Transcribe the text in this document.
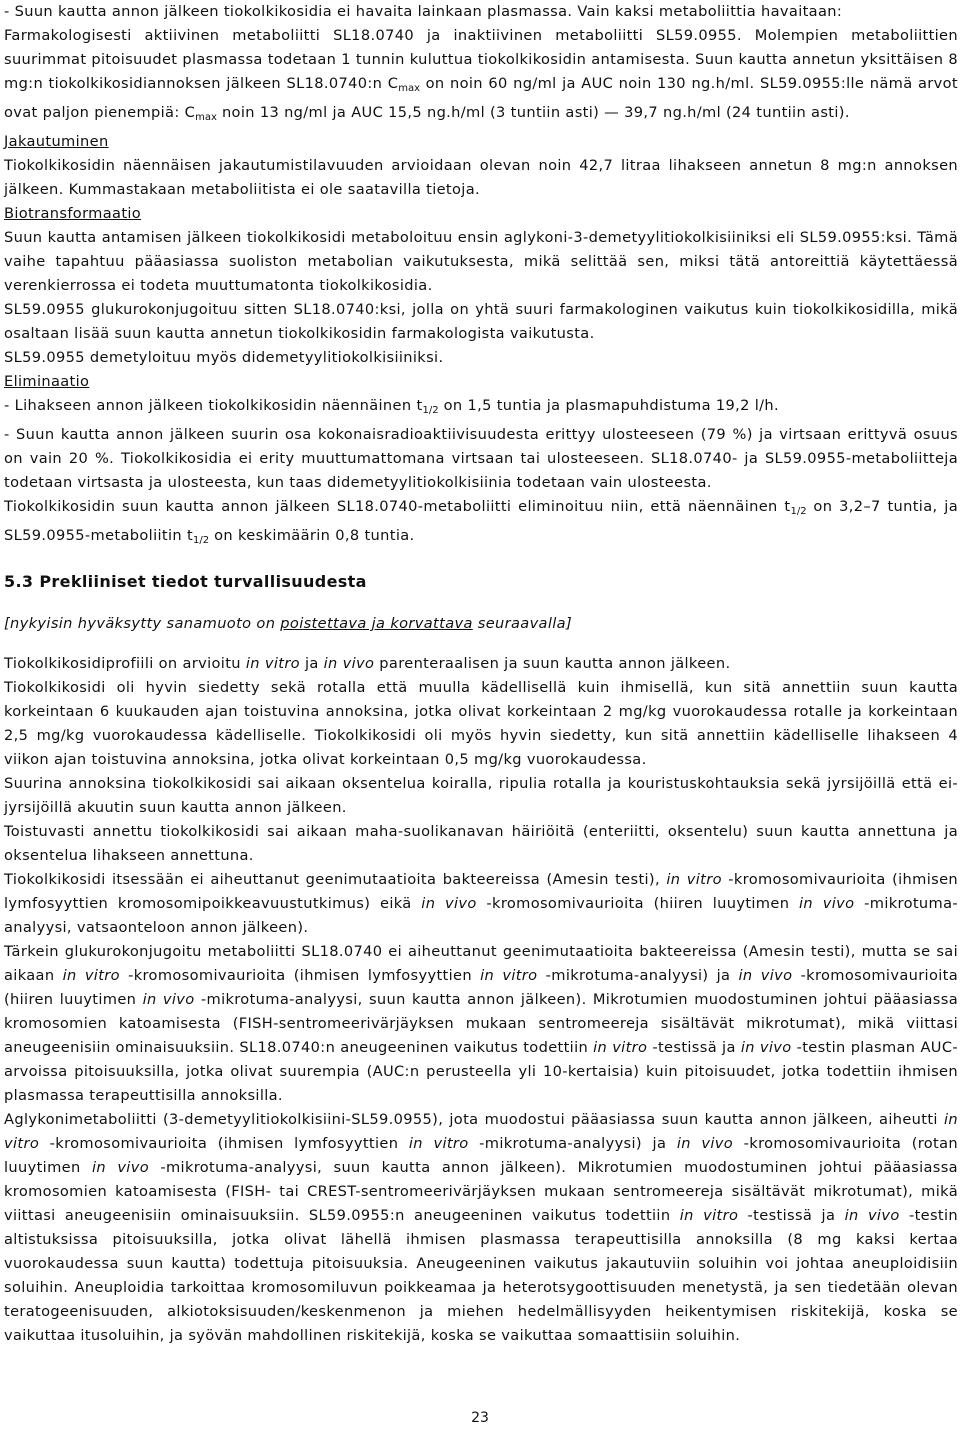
- Suun kautta annon jälkeen tiokolkikosidia ei havaita lainkaan plasmassa. Vain kaksi metaboliittia havaitaan:

Farmakologisesti aktiivinen metaboliitti SL18.0740 ja inaktiivinen metaboliitti SL59.0955. Molempien metaboliittien suurimmat pitoisuudet plasmassa todetaan 1 tunnin kuluttua tiokolkikosidin antamisesta. Suun kautta annetun yksittäisen 8 mg:n tiokolkikosidiannoksen jälkeen SL18.0740:n $C_{max}$ on noin 60 ng/ml ja AUC noin 130 ng.h/ml. SL59.0955:lle nämä arvot ovat paljon pienempiä: $C_{max}$ noin 13 ng/ml ja AUC 15,5 ng.h/ml (3 tuntiin asti) — 39,7 ng.h/ml (24 tuntiin asti).

Jakautuminen

Tiokolkikosidin näennäisen jakautumistilavuuden arvioidaan olevan noin 42,7 litraa lihakseen annetun 8 mg:n annoksen jälkeen. Kummastakaan metaboliitista ei ole saatavilla tietoja.

Biotransformaatio

Suun kautta antamisen jälkeen tiokolkikosidi metaboloituu ensin aglykoni-3-demetyylitiokolkisiiniksi eli SL59.0955:ksi. Tämä vaihe tapahtuu pääasiassa suoliston metabolian vaikutuksesta, mikä selittää sen, miksi tätä antoreittiä käytettäessä verenkierrossa ei todeta muuttumatonta tiokolkikosidia.

SL59.0955 glukurokonjugoituu sitten SL18.0740:ksi, jolla on yhtä suuri farmakologinen vaikutus kuin tiokolkikosidilla, mikä osaltaan lisää suun kautta annetun tiokolkikosidin farmakologista vaikutusta.

SL59.0955 demetyloituu myös didemetyylitiokolkisiiniksi.

Eliminaatio

- Lihakseen annon jälkeen tiokolkikosidin näennäinen $t_{1/2}$ on 1,5 tuntia ja plasmapuhdistuma 19,2 l/h.

- Suun kautta annon jälkeen suurin osa kokonaisradioaktiivisuudesta erittyy ulosteeseen (79 %) ja virtsaan erittyvä osuus on vain 20 %. Tiokolkikosidia ei erity muuttumattomana virtsaan tai ulosteeseen. SL18.0740- ja SL59.0955-metaboliitteja todetaan virtsasta ja ulosteesta, kun taas didemetyylitiokolkisiinia todetaan vain ulosteesta.

Tiokolkikosidin suun kautta annon jälkeen SL18.0740-metaboliitti eliminoituu niin, että näennäinen $t_{1/2}$ on 3,2–7 tuntia, ja SL59.0955-metaboliitin $t_{1/2}$ on keskimäärin 0,8 tuntia.

5.3 Prekliiniset tiedot turvallisuudesta

[nykyisin hyväksytty sanamuoto on poistettava ja korvattava seuraavalla]

Tiokolkikosidiprofiili on arvioitu in vitro ja in vivo parenteraalisen ja suun kautta annon jälkeen.

Tiokolkikosidi oli hyvin siedetty sekä rotalla että muulla kädellisellä kuin ihmisellä, kun sitä annettiin suun kautta korkeintaan 6 kuukauden ajan toistuvina annoksina, jotka olivat korkeintaan 2 mg/kg vuorokaudessa rotalle ja korkeintaan 2,5 mg/kg vuorokaudessa kädelliselle. Tiokolkikosidi oli myös hyvin siedetty, kun sitä annettiin kädelliselle lihakseen 4 viikon ajan toistuvina annoksina, jotka olivat korkeintaan 0,5 mg/kg vuorokaudessa.

Suurina annoksina tiokolkikosidi sai aikaan oksentelua koiralla, ripulia rotalla ja kouristuskohtauksia sekä jyrsijöillä että ei-jyrsijöillä akuutin suun kautta annon jälkeen.

Toistuvasti annettu tiokolkikosidi sai aikaan maha-suolikanavan häiriöitä (enteriitti, oksentelu) suun kautta annettuna ja oksentelua lihakseen annettuna.

Tiokolkikosidi itsessään ei aiheuttanut geenimutaatioita bakteereissa (Amesin testi), in vitro -kromosomivaurioita (ihmisen lymfosyyttien kromosomipoikkeavuustutkimus) eikä in vivo -kromosomivaurioita (hiiren luuytimen in vivo -mikrotuma-analyysi, vatsaonteloon annon jälkeen).

Tärkein glukurokonjugoitu metaboliitti SL18.0740 ei aiheuttanut geenimutaatioita bakteereissa (Amesin testi), mutta se sai aikaan in vitro -kromosomivaurioita (ihmisen lymfosyyttien in vitro -mikrotuma-analyysi) ja in vivo -kromosomivaurioita (hiiren luuytimen in vivo -mikrotuma-analyysi, suun kautta annon jälkeen). Mikrotumien muodostuminen johtui pääasiassa kromosomien katoamisesta (FISH-sentromeerivärjäyksen mukaan sentromeereja sisältävät mikrotumat), mikä viittasi aneugeenisiin ominaisuuksiin. SL18.0740:n aneugeeninen vaikutus todettiin in vitro -testissä ja in vivo -testin plasman AUC-arvoissa pitoisuuksilla, jotka olivat suurempia (AUC:n perusteella yli 10-kertaisia) kuin pitoisuudet, jotka todettiin ihmisen plasmassa terapeuttisilla annoksilla.

Aglykonimetaboliitti (3-demetyylitiokolkisiini-SL59.0955), jota muodostui pääasiassa suun kautta annon jälkeen, aiheutti in vitro -kromosomivaurioita (ihmisen lymfosyyttien in vitro -mikrotuma-analyysi) ja in vivo -kromosomivaurioita (rotan luuytimen in vivo -mikrotuma-analyysi, suun kautta annon jälkeen). Mikrotumien muodostuminen johtui pääasiassa kromosomien katoamisesta (FISH- tai CREST-sentromeerivärjäyksen mukaan sentromeereja sisältävät mikrotumat), mikä viittasi aneugeenisiin ominaisuuksiin. SL59.0955:n aneugeeninen vaikutus todettiin in vitro -testissä ja in vivo -testin altistuksissa pitoisuuksilla, jotka olivat lähellä ihmisen plasmassa terapeuttisilla annoksilla (8 mg kaksi kertaa vuorokaudessa suun kautta) todettuja pitoisuuksia. Aneugeeninen vaikutus jakautuviin soluihin voi johtaa aneuploidisiin soluihin. Aneuploidia tarkoittaa kromosomiluvun poikkeamaa ja heterotsygoottisuuden menetystä, ja sen tiedetään olevan teratogeenisuuden, alkiotoksisuuden/keskenmenon ja miehen hedelmällisyyden heikentymisen riskitekijä, koska se vaikuttaa itusoluihin, ja syövän mahdollinen riskitekijä, koska se vaikuttaa somaattisiin soluihin.

23
